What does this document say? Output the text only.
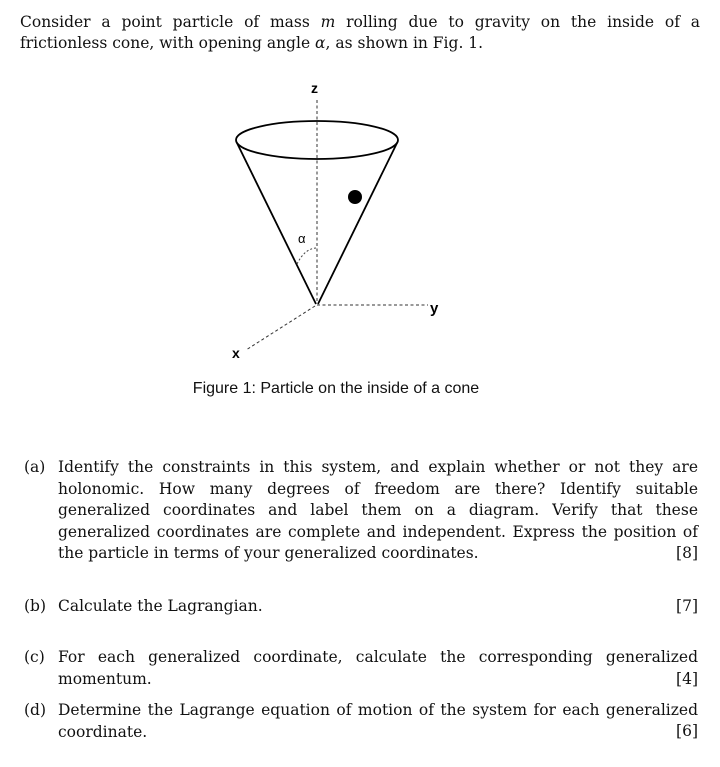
Consider a point particle of mass m rolling due to gravity on the inside of a frictionless cone, with opening angle α, as shown in Fig. 1.
z
y
x
α
Figure 1: Particle on the inside of a cone
(a) Identify the constraints in this system, and explain whether or not they are holonomic. How many degrees of freedom are there? Identify suitable generalized coordinates and label them on a diagram. Verify that these generalized coordinates are complete and independent. Express the position of the particle in terms of your generalized coordinates.	[8]
(b) Calculate the Lagrangian.	[7]
(c) For each generalized coordinate, calculate the corresponding generalized momentum.	[4]
(d) Determine the Lagrange equation of motion of the system for each generalized coordinate.	[6]
